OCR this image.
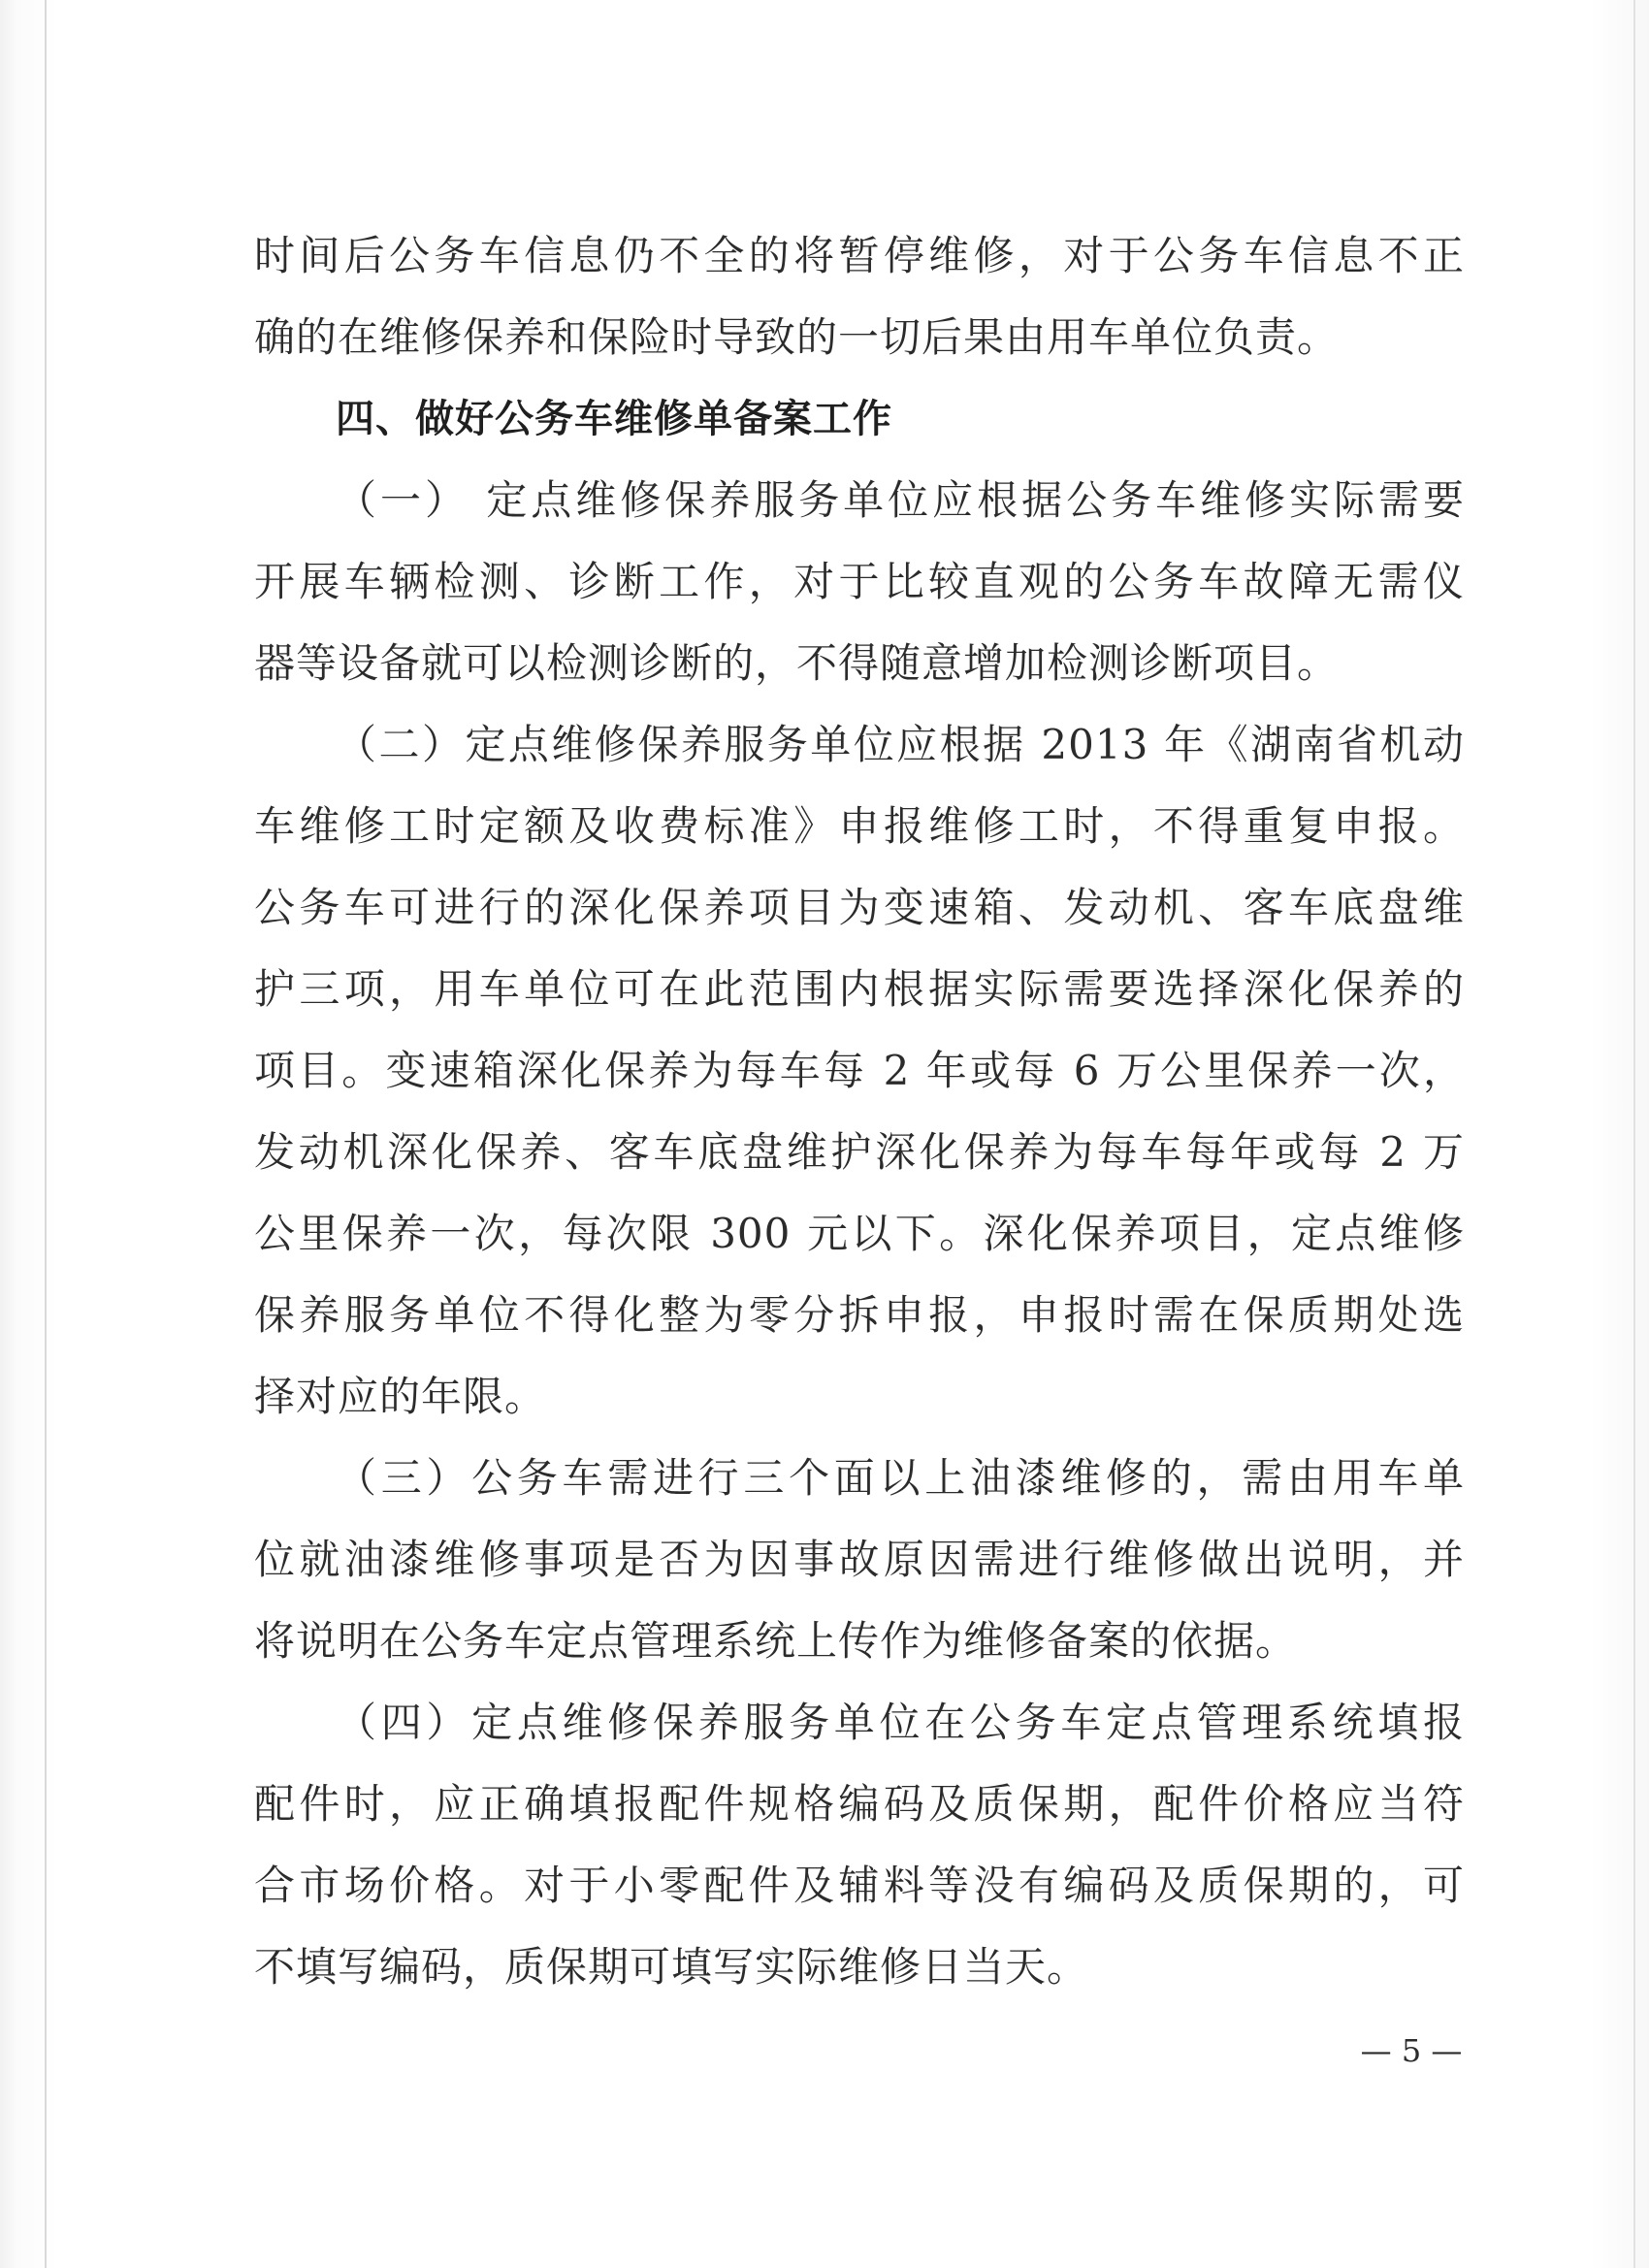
时间后公务车信息仍不全的将暂停维修，对于公务车信息不正
确的在维修保养和保险时导致的一切后果由用车单位负责。
四、做好公务车维修单备案工作
（一） 定点维修保养服务单位应根据公务车维修实际需要
开展车辆检测、诊断工作，对于比较直观的公务车故障无需仪
器等设备就可以检测诊断的，不得随意增加检测诊断项目。
（二）定点维修保养服务单位应根据 2013 年《湖南省机动
车维修工时定额及收费标准》申报维修工时，不得重复申报。
公务车可进行的深化保养项目为变速箱、发动机、客车底盘维
护三项，用车单位可在此范围内根据实际需要选择深化保养的
项目。变速箱深化保养为每车每 2 年或每 6 万公里保养一次，
发动机深化保养、客车底盘维护深化保养为每车每年或每 2 万
公里保养一次，每次限 300 元以下。深化保养项目，定点维修
保养服务单位不得化整为零分拆申报，申报时需在保质期处选
择对应的年限。
（三）公务车需进行三个面以上油漆维修的，需由用车单
位就油漆维修事项是否为因事故原因需进行维修做出说明，并
将说明在公务车定点管理系统上传作为维修备案的依据。
（四）定点维修保养服务单位在公务车定点管理系统填报
配件时，应正确填报配件规格编码及质保期，配件价格应当符
合市场价格。对于小零配件及辅料等没有编码及质保期的，可
不填写编码，质保期可填写实际维修日当天。
— 5 —
